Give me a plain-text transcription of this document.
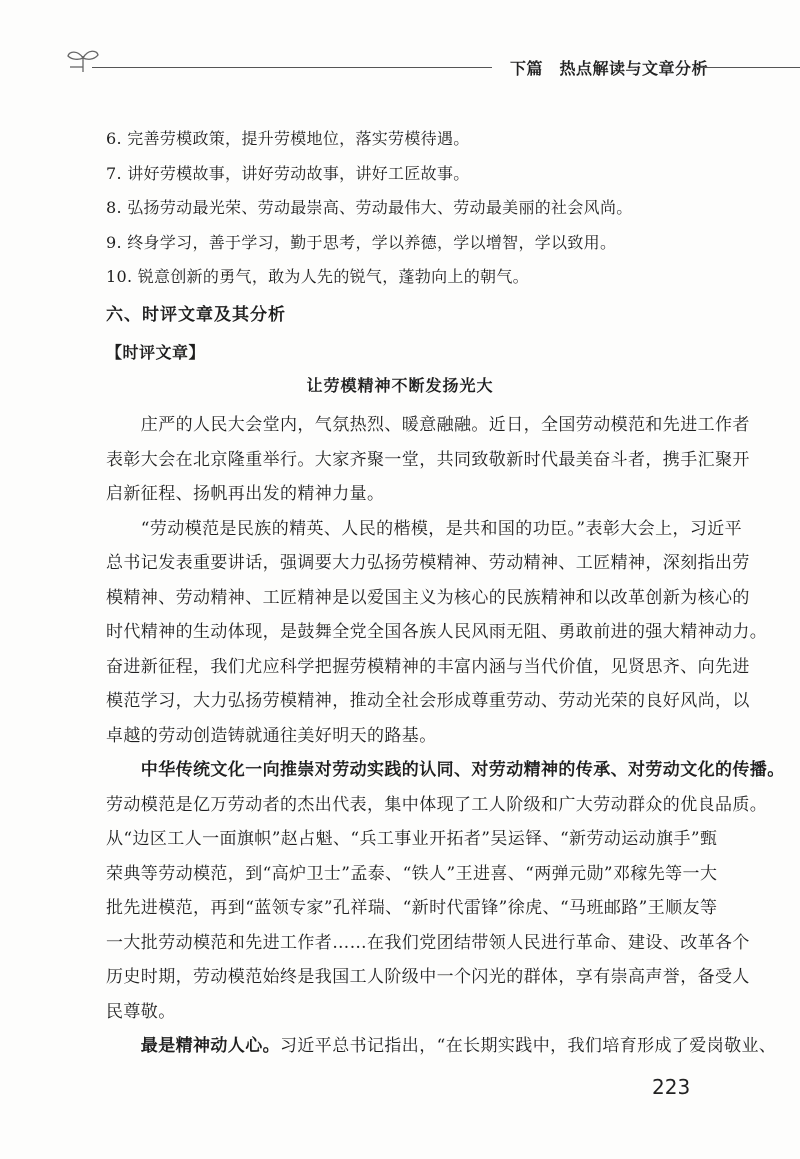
下篇　热点解读与文章分析
6. 完善劳模政策，提升劳模地位，落实劳模待遇。
7. 讲好劳模故事，讲好劳动故事，讲好工匠故事。
8. 弘扬劳动最光荣、劳动最崇高、劳动最伟大、劳动最美丽的社会风尚。
9. 终身学习，善于学习，勤于思考，学以养德，学以增智，学以致用。
10. 锐意创新的勇气，敢为人先的锐气，蓬勃向上的朝气。
六、时评文章及其分析
【时评文章】
让劳模精神不断发扬光大
　　庄严的人民大会堂内，气氛热烈、暖意融融。近日，全国劳动模范和先进工作者
表彰大会在北京隆重举行。大家齐聚一堂，共同致敬新时代最美奋斗者，携手汇聚开
启新征程、扬帆再出发的精神力量。
　　“劳动模范是民族的精英、人民的楷模，是共和国的功臣。”表彰大会上，习近平
总书记发表重要讲话，强调要大力弘扬劳模精神、劳动精神、工匠精神，深刻指出劳
模精神、劳动精神、工匠精神是以爱国主义为核心的民族精神和以改革创新为核心的
时代精神的生动体现，是鼓舞全党全国各族人民风雨无阻、勇敢前进的强大精神动力。
奋进新征程，我们尤应科学把握劳模精神的丰富内涵与当代价值，见贤思齐、向先进
模范学习，大力弘扬劳模精神，推动全社会形成尊重劳动、劳动光荣的良好风尚，以
卓越的劳动创造铸就通往美好明天的路基。
　　中华传统文化一向推崇对劳动实践的认同、对劳动精神的传承、对劳动文化的传播。
劳动模范是亿万劳动者的杰出代表，集中体现了工人阶级和广大劳动群众的优良品质。
从“边区工人一面旗帜”赵占魁、“兵工事业开拓者”吴运铎、“新劳动运动旗手”甄
荣典等劳动模范，到“高炉卫士”孟泰、“铁人”王进喜、“两弹元勋”邓稼先等一大
批先进模范，再到“蓝领专家”孔祥瑞、“新时代雷锋”徐虎、“马班邮路”王顺友等
一大批劳动模范和先进工作者……在我们党团结带领人民进行革命、建设、改革各个
历史时期，劳动模范始终是我国工人阶级中一个闪光的群体，享有崇高声誉，备受人
民尊敬。
　　最是精神动人心。习近平总书记指出，“在长期实践中，我们培育形成了爱岗敬业、
223
